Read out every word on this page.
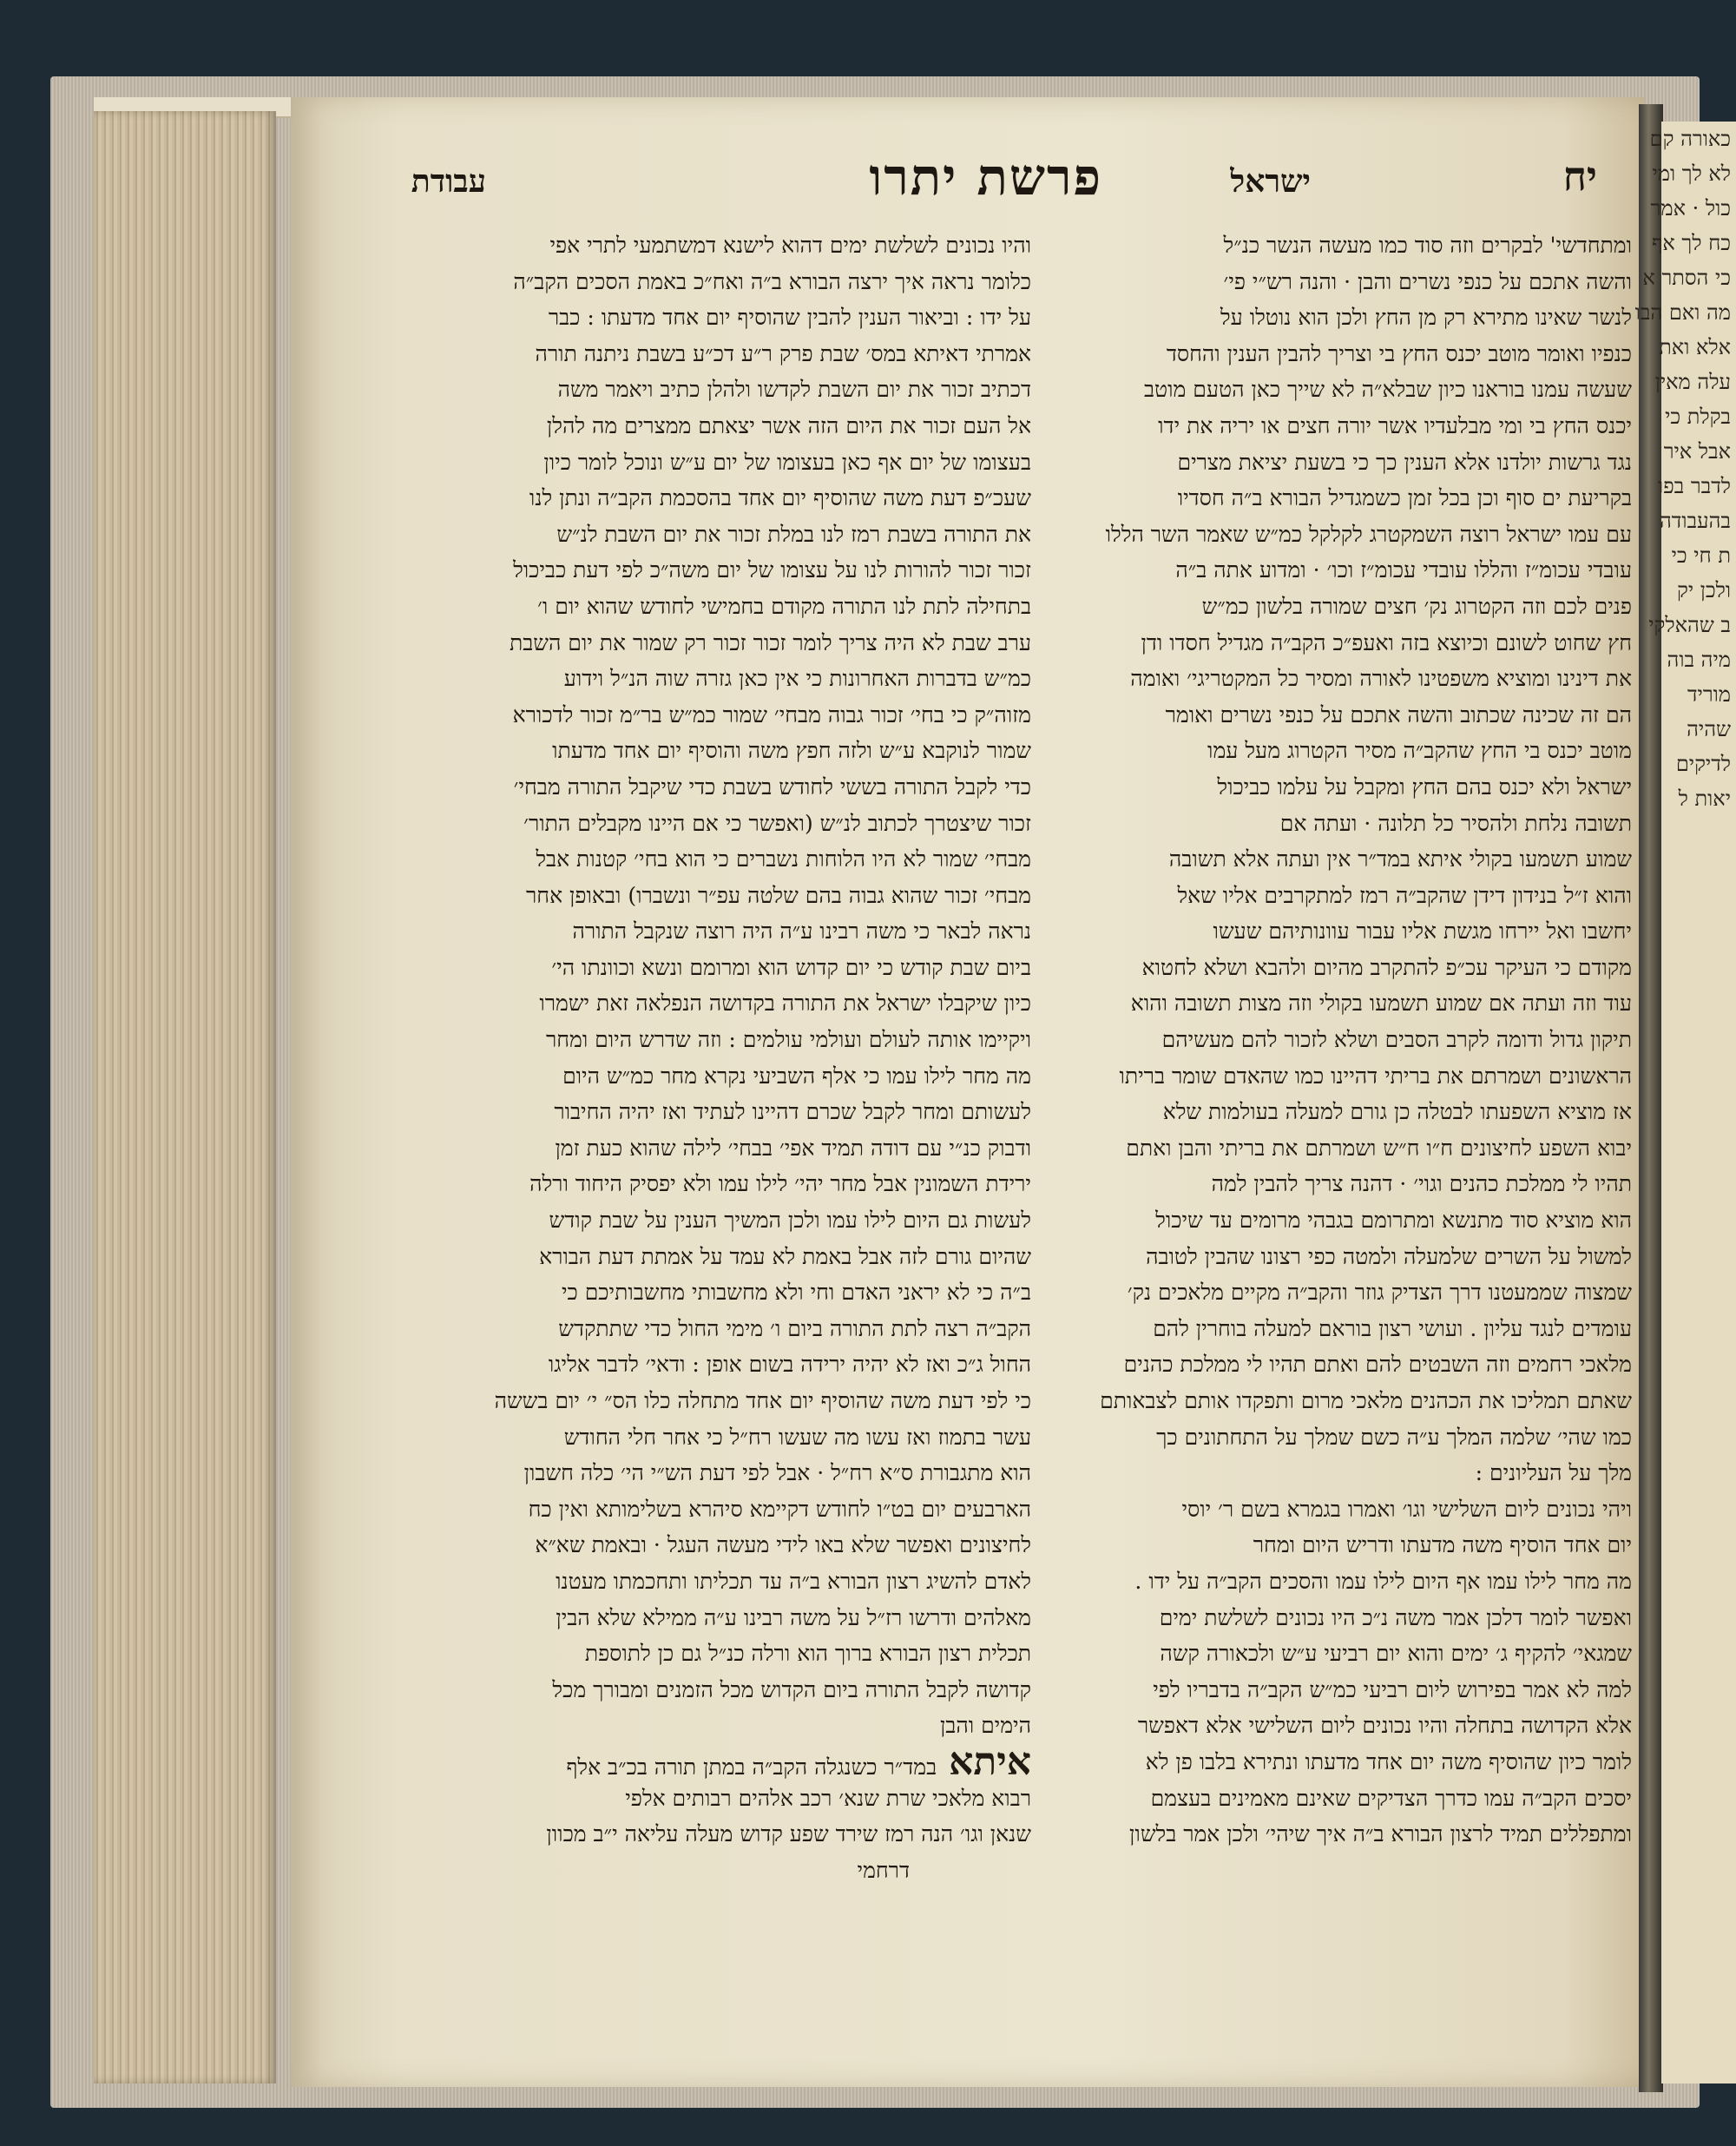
יח
ישראל
פרשת יתרו
עבודת
ומתחדשי' לבקרים וזה סוד כמו מעשה הנשר כנ״ל
והשה אתכם על כנפי נשרים והבן · והנה רש״י פי׳
לנשר שאינו מתירא רק מן החץ ולכן הוא נוטלו על
כנפיו ואומר מוטב יכנס החץ בי וצריך להבין הענין והחסד
שעשה עמנו בוראנו כיון שבלא״ה לא שייך כאן הטעם מוטב
יכנס החץ בי ומי מבלעדיו אשר יורה חצים או יריה את ידו
נגד גרשות יולדנו אלא הענין כך כי בשעת יציאת מצרים
בקריעת ים סוף וכן בכל זמן כשמגדיל הבורא ב״ה חסדיו
עם עמו ישראל רוצה השמקטרג לקלקל כמ״ש שאמר השר הללו
עובדי עכומ״ז והללו עובדי עכומ״ז וכו׳ · ומדוע אתה ב״ה
פנים לכם וזה הקטרוג נק׳ חצים שמורה בלשון כמ״ש
חץ שחוט לשונם וכיוצא בזה ואעפ״כ הקב״ה מגדיל חסדו ודן
את דינינו ומוציא משפטינו לאורה ומסיר כל המקטריגי׳ ואומה
הם זה שכינה שכתוב והשה אתכם על כנפי נשרים ואומר
מוטב יכנס בי החץ שהקב״ה מסיר הקטרוג מעל עמו
ישראל ולא יכנס בהם החץ ומקבל על עלמו כביכול
תשובה נלחת ולהסיר כל תלונה · ועתה אם
שמוע תשמעו בקולי איתא במד״ר אין ועתה אלא תשובה
והוא ז״ל בנידון דידן שהקב״ה רמז למתקרבים אליו שאל
יחשבו ואל יירחו מגשת אליו עבור עוונותיהם שעשו
מקודם כי העיקר עכ״פ להתקרב מהיום ולהבא ושלא לחטוא
עוד וזה ועתה אם שמוע תשמעו בקולי וזה מצות תשובה והוא
תיקון גדול ודומה לקרב הסבים ושלא לזכור להם מעשיהם
הראשונים ושמרתם את בריתי דהיינו כמו שהאדם שומר בריתו
אז מוציא השפעתו לבטלה כן גורם למעלה בעולמות שלא
יבוא השפע לחיצונים ח״ו ח״ש ושמרתם את בריתי והבן ואתם
תהיו לי ממלכת כהנים וגוי׳ · דהנה צריך להבין למה
הוא מוציא סוד מתנשא ומתרומם בגבהי מרומים עד שיכול
למשול על השרים שלמעלה ולמטה כפי רצונו שהבין לטובה
שמצוה שממעטנו דרך הצדיק גוזר והקב״ה מקיים מלאכים נק׳
עומדים לנגד עליון . ועושי רצון בוראם למעלה בוחרין להם
מלאכי רחמים וזה השבטים להם ואתם תהיו לי ממלכת כהנים
שאתם תמליכו את הכהנים מלאכי מרום ותפקדו אותם לצבאותם
כמו שהי׳ שלמה המלך ע״ה כשם שמלך על התחתונים כך
מלך על העליונים :
ויהי נכונים ליום השלישי וגו׳ ואמרו בגמרא בשם ר׳ יוסי
יום אחד הוסיף משה מדעתו ודריש היום ומחר
מה מחר לילו עמו אף היום לילו עמו והסכים הקב״ה על ידו .
ואפשר לומר דלכן אמר משה נ״כ היו נכונים לשלשת ימים
שמגאי׳ להקיף ג׳ ימים והוא יום רביעי ע״ש ולכאורה קשה
למה לא אמר בפירוש ליום רביעי כמ״ש הקב״ה בדבריו לפי
אלא הקדושה בתחלה והיו נכונים ליום השלישי אלא דאפשר
לומר כיון שהוסיף משה יום אחד מדעתו ונתירא בלבו פן לא
יסכים הקב״ה עמו כדרך הצדיקים שאינם מאמינים בעצמם
ומתפללים תמיד לרצון הבורא ב״ה איך שיהי׳ ולכן אמר בלשון
והיו נכונים לשלשת ימים דהוא לישנא דמשתמעי לתרי אפי
כלומר נראה איך ירצה הבורא ב״ה ואח״כ באמת הסכים הקב״ה
על ידו : וביאור הענין להבין שהוסיף יום אחד מדעתו : כבר
אמרתי דאיתא במס׳ שבת פרק ר״ע דכ״ע בשבת ניתנה תורה
דכתיב זכור את יום השבת לקדשו ולהלן כתיב ויאמר משה
אל העם זכור את היום הזה אשר יצאתם ממצרים מה להלן
בעצומו של יום אף כאן בעצומו של יום ע״ש ונוכל לומר כיון
שעכ״פ דעת משה שהוסיף יום אחד בהסכמת הקב״ה ונתן לנו
את התורה בשבת רמז לנו במלת זכור את יום השבת לנ״ש
זכור זכור להורות לנו על עצומו של יום משה״כ לפי דעת כביכול
בתחילה לתת לנו התורה מקודם בחמישי לחודש שהוא יום ו׳
ערב שבת לא היה צריך לומר זכור זכור רק שמור את יום השבת
כמ״ש בדברות האחרונות כי אין כאן גזרה שוה הנ״ל וידוע
מזוה״ק כי בחי׳ זכור גבוה מבחי׳ שמור כמ״ש בר״מ זכור לדכורא
שמור לנוקבא ע״ש ולזה חפץ משה והוסיף יום אחד מדעתו
כדי לקבל התורה בששי לחודש בשבת כדי שיקבל התורה מבחי׳
זכור שיצטרך לכתוב לנ״ש (ואפשר כי אם היינו מקבלים התור׳
מבחי׳ שמור לא היו הלוחות נשברים כי הוא בחי׳ קטנות אבל
מבחי׳ זכור שהוא גבוה בהם שלטה עפ״ר ונשברו) ובאופן אחר
נראה לבאר כי משה רבינו ע״ה היה רוצה שנקבל התורה
ביום שבת קודש כי יום קדוש הוא ומרומם ונשא וכוונתו הי׳
כיון שיקבלו ישראל את התורה בקדושה הנפלאה זאת ישמרו
ויקיימו אותה לעולם ועולמי עולמים : וזה שדרש היום ומחר
מה מחר לילו עמו כי אלף השביעי נקרא מחר כמ״ש היום
לעשותם ומחר לקבל שכרם דהיינו לעתיד ואז יהיה החיבור
ודבוק כנ״י עם דודה תמיד אפי׳ בבחי׳ לילה שהוא כעת זמן
ירידת השמונין אבל מחר יהי׳ לילו עמו ולא יפסיק היחוד ורלה
לעשות גם היום לילו עמו ולכן המשיך הענין על שבת קודש
שהיום גורם לזה אבל באמת לא עמד על אמתת דעת הבורא
ב״ה כי לא יראני האדם וחי ולא מחשבותי מחשבותיכם כי
הקב״ה רצה לתת התורה ביום ו׳ מימי החול כדי שתתקדש
החול ג״כ ואז לא יהיה ירידה בשום אופן : ודאי׳ לדבר אליגו
כי לפי דעת משה שהוסיף יום אחד מתחלה כלו הס״ י׳ יום בששה
עשר בתמוז ואז עשו מה שעשו רח״ל כי אחר חלי החודש
הוא מתגבורת ס״א רח״ל · אבל לפי דעת הש״י הי׳ כלה חשבון
הארבעים יום בט״ו לחודש דקיימא סיהרא בשלימותא ואין כח
לחיצונים ואפשר שלא באו לידי מעשה העגל · ובאמת שא״א
לאדם להשיג רצון הבורא ב״ה עד תכליתו ותחכמתו מעטנו
מאלהים ודרשו רז״ל על משה רבינו ע״ה ממילא שלא הבין
תכלית רצון הבורא ברוך הוא ורלה כנ״ל גם כן לתוספת
קדושה לקבל התורה ביום הקדוש מכל הזמנים ומבורך מכל
הימים והבן
איתאבמד״ר כשנגלה הקב״ה במתן תורה בכ״ב אלף
רבוא מלאכי שרת שנא׳ רכב אלהים רבותים אלפי
שנאן וגו׳ הנה רמז שירד שפע קדוש מעלה עליאה י״ב מכוון
דרחמי
כאורה קם
לא לך ומי
כול · אמר
כח לך אף
כי הסתר א
מה ואם הבו
אלא ואת
עלה מאין
בקלת כי
אבל איר
לדבר בפו
בהעבודה
ת חי כי
ולכן יק
ב שהאלקי
מיה בוה
מוריד
שהיה
לדיקים
יאות ל
